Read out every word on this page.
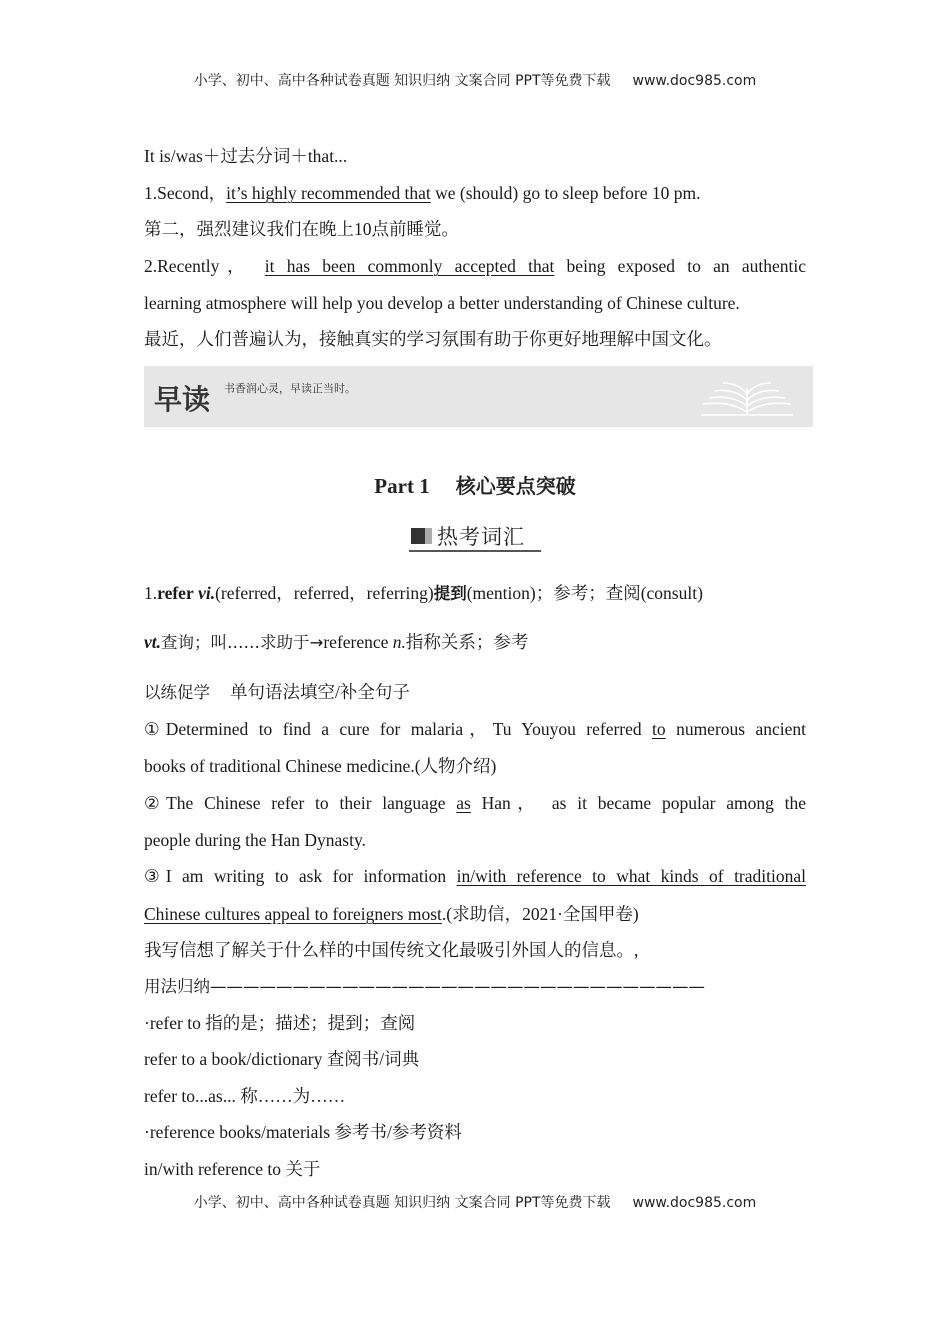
小学、初中、高中各种试卷真题 知识归纳 文案合同 PPT等免费下载 www.doc985.com
It is/was＋过去分词＋that...
1.Second，it’s highly recommended that we (should) go to sleep before 10 pm.
第二，强烈建议我们在晚上10点前睡觉。
2.Recently， it has been commonly accepted that being exposed to an authentic
learning atmosphere will help you develop a better understanding of Chinese culture.
最近，人们普遍认为，接触真实的学习氛围有助于你更好地理解中国文化。
早读 书香润心灵，早读正当时。
Part 1 核心要点突破
热考词汇
1.refer vi.(referred，referred，referring)提到(mention)；参考；查阅(consult)
vt.查询；叫……求助于→reference n.指称关系；参考
以练促学 单句语法填空/补全句子
①Determined to find a cure for malaria，Tu Youyou referred to numerous ancient
books of traditional Chinese medicine.(人物介绍)
②The Chinese refer to their language as Han， as it became popular among the
people during the Han Dynasty.
③I am writing to ask for information in/with reference to what kinds of traditional
Chinese cultures appeal to foreigners most.(求助信，2021·全国甲卷)
我写信想了解关于什么样的中国传统文化最吸引外国人的信息。,
用法归纳——————————————————————————————
·refer to 指的是；描述；提到；查阅
refer to a book/dictionary 查阅书/词典
refer to...as... 称……为……
·reference books/materials 参考书/参考资料
in/with reference to 关于
小学、初中、高中各种试卷真题 知识归纳 文案合同 PPT等免费下载 www.doc985.com
